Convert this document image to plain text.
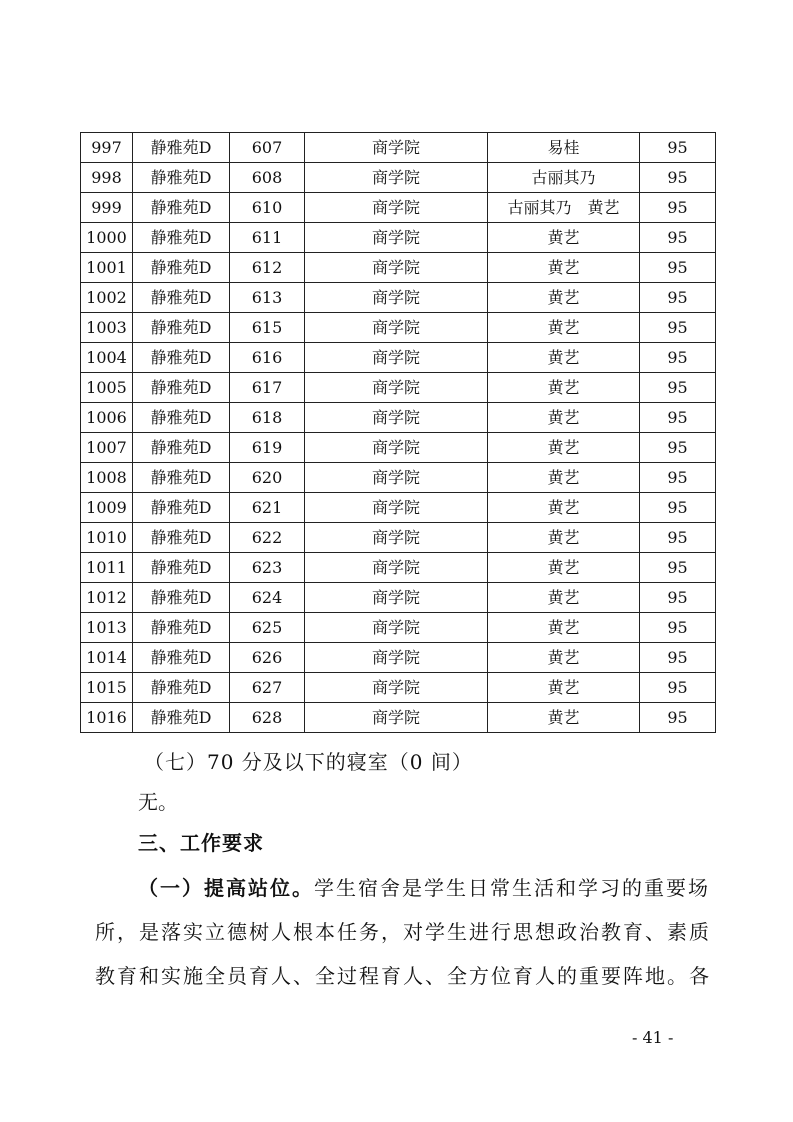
997	静雅苑D	607	商学院	易桂	95
998	静雅苑D	608	商学院	古丽其乃	95
999	静雅苑D	610	商学院	古丽其乃　黄艺	95
1000	静雅苑D	611	商学院	黄艺	95
1001	静雅苑D	612	商学院	黄艺	95
1002	静雅苑D	613	商学院	黄艺	95
1003	静雅苑D	615	商学院	黄艺	95
1004	静雅苑D	616	商学院	黄艺	95
1005	静雅苑D	617	商学院	黄艺	95
1006	静雅苑D	618	商学院	黄艺	95
1007	静雅苑D	619	商学院	黄艺	95
1008	静雅苑D	620	商学院	黄艺	95
1009	静雅苑D	621	商学院	黄艺	95
1010	静雅苑D	622	商学院	黄艺	95
1011	静雅苑D	623	商学院	黄艺	95
1012	静雅苑D	624	商学院	黄艺	95
1013	静雅苑D	625	商学院	黄艺	95
1014	静雅苑D	626	商学院	黄艺	95
1015	静雅苑D	627	商学院	黄艺	95
1016	静雅苑D	628	商学院	黄艺	95
（七）70 分及以下的寝室（0 间）
无。
三、工作要求

（一）提高站位。学生宿舍是学生日常生活和学习的重要场

所，是落实立德树人根本任务，对学生进行思想政治教育、素质

教育和实施全员育人、全过程育人、全方位育人的重要阵地。各

- 41 -
